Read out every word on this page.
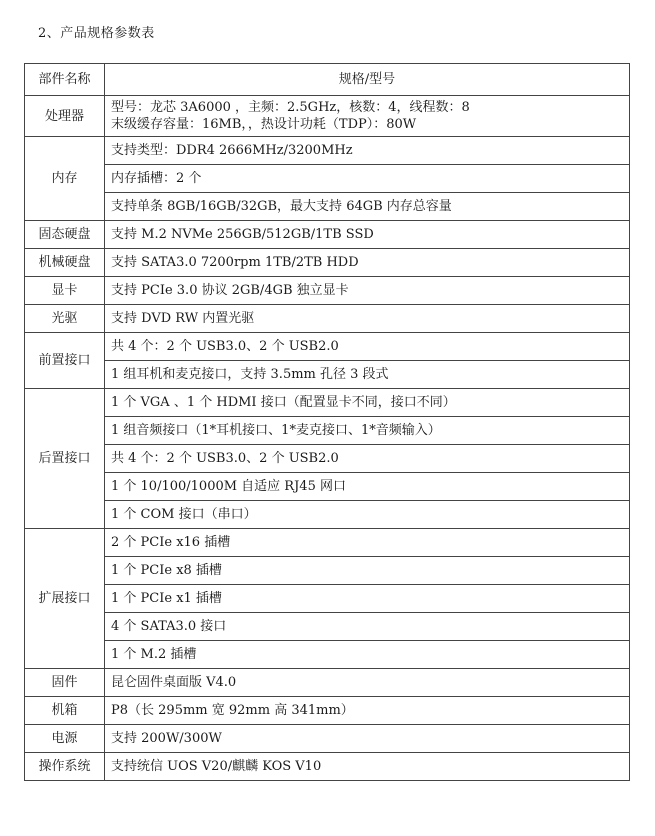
2、产品规格参数表
部件名称	规格/型号
处理器	型号：龙芯 3A6000 ，主频：2.5GHz，核数：4，线程数：8
末级缓存容量：16MB，，热设计功耗（TDP）：80W

内存	支持类型：DDR4 2666MHz/3200MHz
	内存插槽：2 个
	支持单条 8GB/16GB/32GB，最大支持 64GB 内存总容量
固态硬盘	支持 M.2 NVMe 256GB/512GB/1TB SSD
机械硬盘	支持 SATA3.0 7200rpm 1TB/2TB HDD
显卡	支持 PCIe 3.0 协议 2GB/4GB 独立显卡
光驱	支持 DVD RW 内置光驱
前置接口	共 4 个：2 个 USB3.0、2 个 USB2.0
	1 组耳机和麦克接口，支持 3.5mm 孔径 3 段式
后置接口	1 个 VGA 、1 个 HDMI 接口（配置显卡不同，接口不同）
	1 组音频接口（1*耳机接口、1*麦克接口、1*音频输入）
	共 4 个：2 个 USB3.0、2 个 USB2.0
	1 个 10/100/1000M 自适应 RJ45 网口
	1 个 COM 接口（串口）
扩展接口	2 个 PCIe x16 插槽
	1 个 PCIe x8 插槽
	1 个 PCIe x1 插槽
	4 个 SATA3.0 接口
	1 个 M.2 插槽
固件	昆仑固件桌面版 V4.0
机箱	P8（长 295mm 宽 92mm 高 341mm）
电源	支持 200W/300W
操作系统	支持统信 UOS V20/麒麟 KOS V10
